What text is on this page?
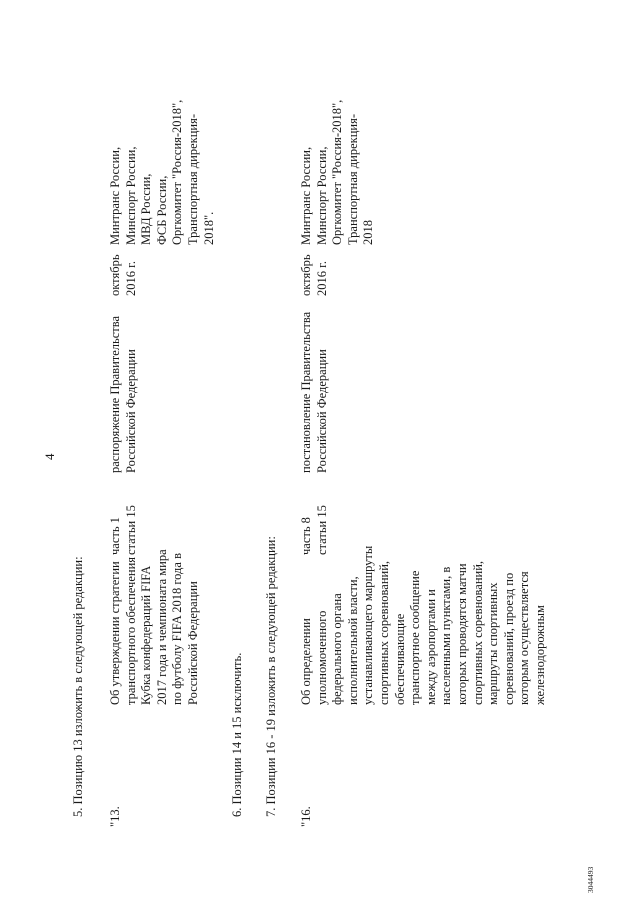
4
5. Позицию 13 изложить в следующей редакции:	6. Позиции 14 и 15 исключить. 7. Позиции 16 - 19 изложить в следующей редакции:
3044493
"13.
Об утверждении стратегии транспортного обеспечения Кубка конфедераций FIFA 2017 года и чемпионата мира по футболу FIFA 2018 года в Российской Федерации
часть 1 статьи 15
распоряжение Правительства Российской Федерации
октябрь 2016 г.
Минтранс России, Минспорт России, МВД России, ФСБ России, Оргкомитет "Россия-2018", Транспортная дирекция- 2018".
"16.
Об определении уполномоченного федерального органа исполнительной власти, устанавливающего маршруты спортивных соревнований, обеспечивающие транспортное сообщение между аэропортами и населенными пунктами, в которых проводятся матчи спортивных соревнований, маршруты спортивных соревнований, проезд по которым осуществляется железнодорожным
часть 8 статьи 15
постановление Правительства Российской Федерации
октябрь 2016 г.
Минтранс России, Минспорт России, Оргкомитет "Россия-2018", Транспортная дирекция- 2018
